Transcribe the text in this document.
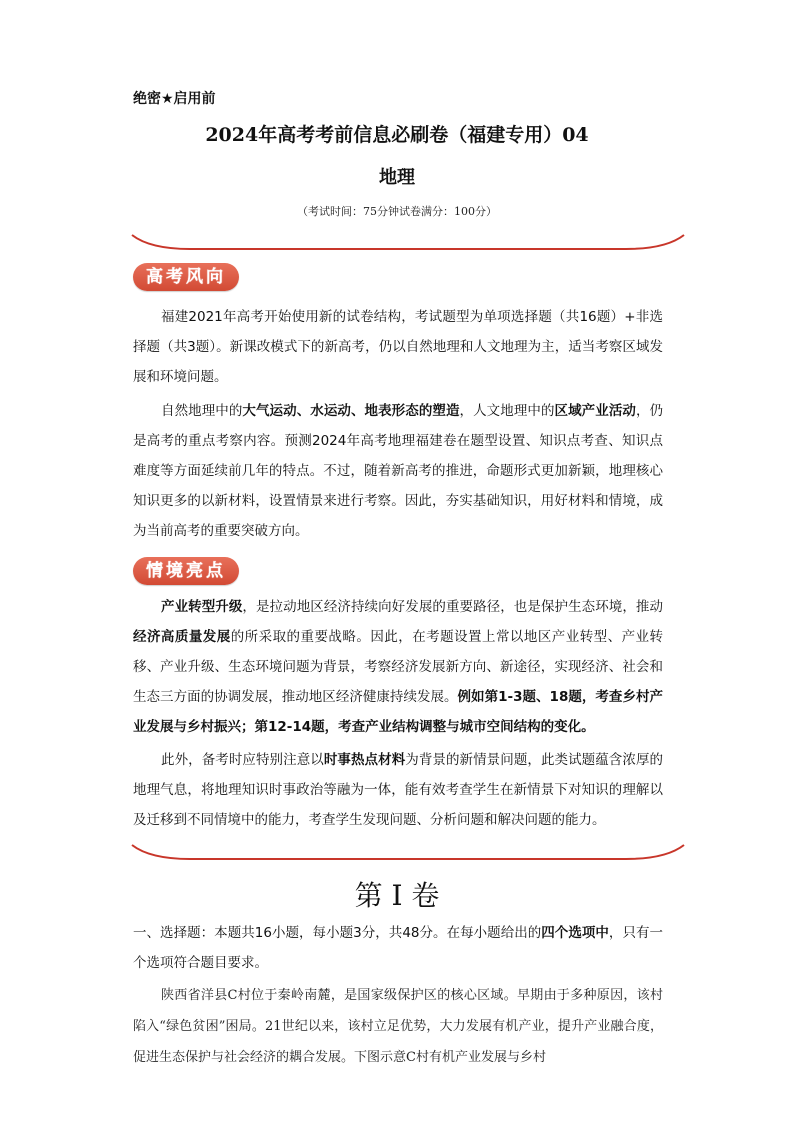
绝密★启用前
2024年高考考前信息必刷卷（福建专用）04
地理
（考试时间：75分钟试卷满分：100分）
高考风向
福建2021年高考开始使用新的试卷结构，考试题型为单项选择题（共16题）+非选择题（共3题）。新课改模式下的新高考，仍以自然地理和人文地理为主，适当考察区域发展和环境问题。
自然地理中的大气运动、水运动、地表形态的塑造，人文地理中的区域产业活动，仍是高考的重点考察内容。预测2024年高考地理福建卷在题型设置、知识点考查、知识点难度等方面延续前几年的特点。不过，随着新高考的推进，命题形式更加新颖，地理核心知识更多的以新材料，设置情景来进行考察。因此，夯实基础知识，用好材料和情境，成为当前高考的重要突破方向。
情境亮点
产业转型升级，是拉动地区经济持续向好发展的重要路径，也是保护生态环境，推动经济高质量发展的所采取的重要战略。因此，在考题设置上常以地区产业转型、产业转移、产业升级、生态环境问题为背景，考察经济发展新方向、新途径，实现经济、社会和生态三方面的协调发展，推动地区经济健康持续发展。例如第1-3题、18题，考查乡村产业发展与乡村振兴；第12-14题，考查产业结构调整与城市空间结构的变化。
此外，备考时应特别注意以时事热点材料为背景的新情景问题，此类试题蕴含浓厚的地理气息，将地理知识时事政治等融为一体，能有效考查学生在新情景下对知识的理解以及迁移到不同情境中的能力，考查学生发现问题、分析问题和解决问题的能力。
第 I 卷
一、选择题：本题共16小题，每小题3分，共48分。在每小题给出的四个选项中，只有一个选项符合题目要求。
陕西省洋县C村位于秦岭南麓，是国家级保护区的核心区域。早期由于多种原因，该村陷入“绿色贫困”困局。21世纪以来，该村立足优势，大力发展有机产业，提升产业融合度，促进生态保护与社会经济的耦合发展。下图示意C村有机产业发展与乡村
